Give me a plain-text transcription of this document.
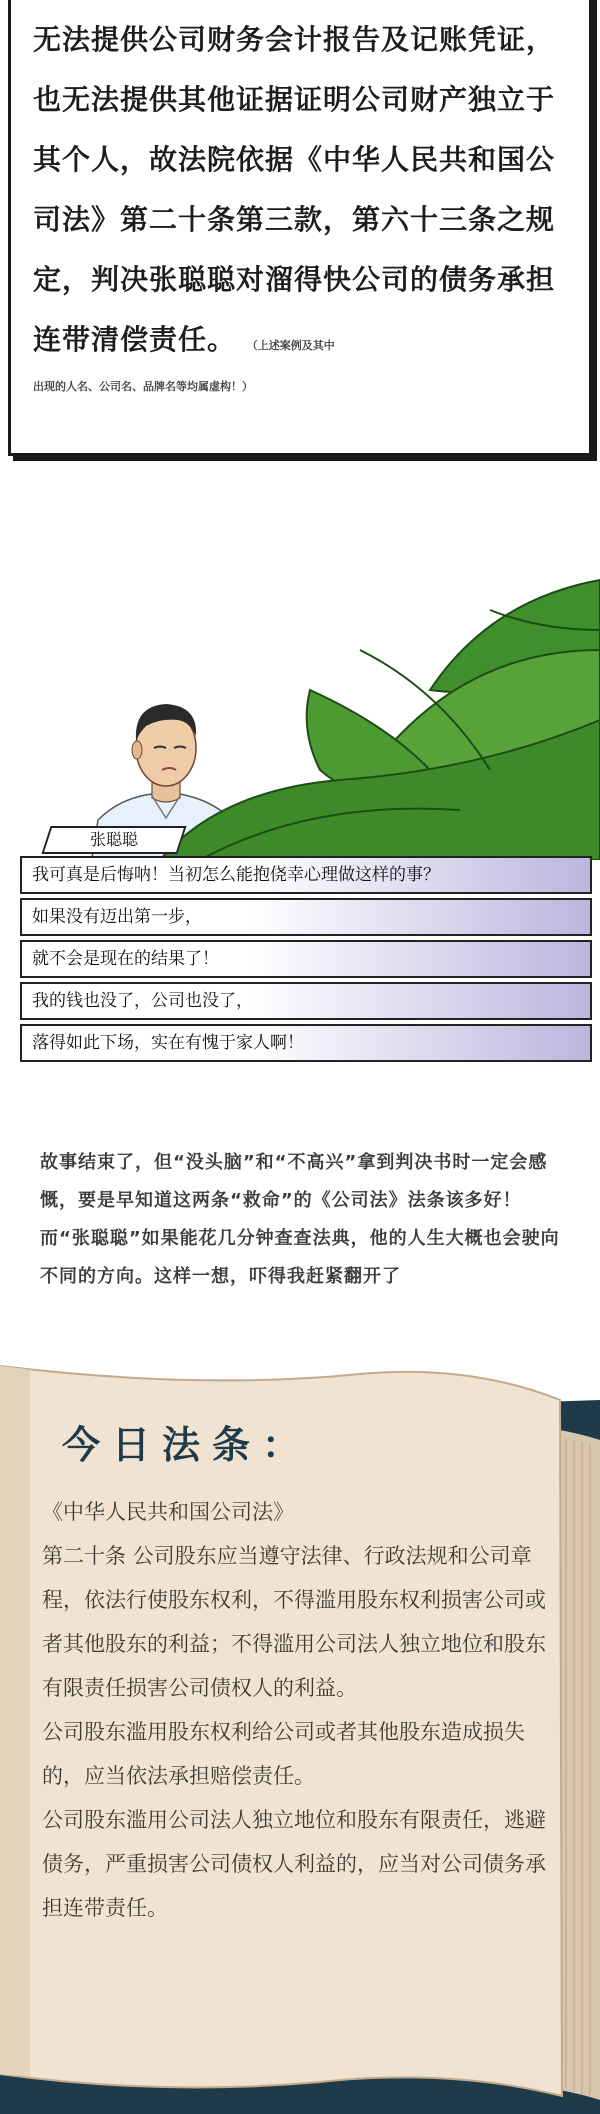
无法提供公司财务会计报告及记账凭证，也无法提供其他证据证明公司财产独立于其个人，故法院依据《中华人民共和国公司法》第二十条第三款，第六十三条之规定，判决张聪聪对溜得快公司的债务承担连带清偿责任。 （上述案例及其中

出现的人名、公司名、品牌名等均属虚构！）
张聪聪
我可真是后悔呐！当初怎么能抱侥幸心理做这样的事？
如果没有迈出第一步，
就不会是现在的结果了！
我的钱也没了，公司也没了，
落得如此下场，实在有愧于家人啊！

故事结束了，但“没头脑”和“不高兴”拿到判决书时一定会感慨，要是早知道这两条“救命”的《公司法》法条该多好！而“张聪聪”如果能花几分钟查查法典，他的人生大概也会驶向不同的方向。这样一想，吓得我赶紧翻开了

今日法条：

《中华人民共和国公司法》

第二十条 公司股东应当遵守法律、行政法规和公司章程，依法行使股东权利，不得滥用股东权利损害公司或者其他股东的利益；不得滥用公司法人独立地位和股东有限责任损害公司债权人的利益。

公司股东滥用股东权利给公司或者其他股东造成损失的，应当依法承担赔偿责任。

公司股东滥用公司法人独立地位和股东有限责任，逃避债务，严重损害公司债权人利益的，应当对公司债务承担连带责任。
